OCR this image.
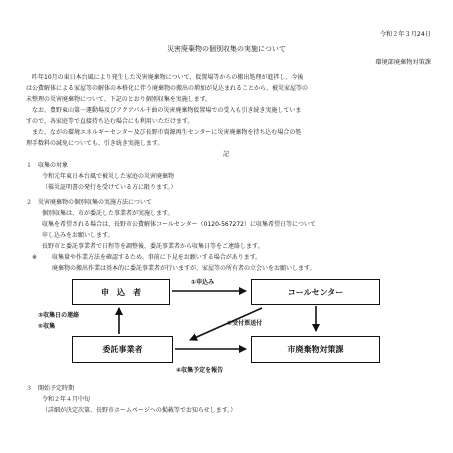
令和２年３月24日
災害廃棄物の個別収集の実施について
環境部廃棄物対策課
昨年10月の東日本台風により発生した災害廃棄物について、仮置場等からの搬出処理が進捗し、今後
は公費解体による家屋等の解体の本格化に伴う廃棄物の搬出の増加が見込まれることから、被災家屋等の
未整理の災害廃棄物について、下記のとおり個別収集を実施します。
なお、豊野東山第一運動場及びアクアパル千曲の災害廃棄物仮置場での受入も引き続き実施していま
すので、各家庭等で直接持ち込む場合にも利用いただけます。
また、ながの環境エネルギーセンター及び長野市資源再生センターに災害廃棄物を持ち込む場合の処
理手数料の減免についても、引き続き実施します。
記
１　収集の対象
令和元年東日本台風で被災した家庭の災害廃棄物
（罹災証明書の発行を受けている方に限ります。）
２　災害廃棄物の個別収集の実施方法について
個別収集は、市が委託した事業者が実施します。
収集を希望される場合は、長野市公費解体コールセンター（0120-567272）に収集希望日等について
申し込みをお願いします。
長野市と委託事業者で日程等を調整後、委託事業者から収集日等をご連絡します。
※ 収集量や作業方法を確認するため、事前に下見をお願いする場合があります。
廃棄物の搬出作業は基本的に委託事業者が行いますが、家屋等の所有者の立会いをお願いします。
申　込　者	コールセンター
委託事業者	市廃棄物対策課
①申込み
②受付票送付
③収集日の連絡
⑤収集
④収集予定を報告
３　開始予定時期
令和２年４月中旬
（詳細が決定次第、長野市ホームページへの掲載等でお知らせします。）
